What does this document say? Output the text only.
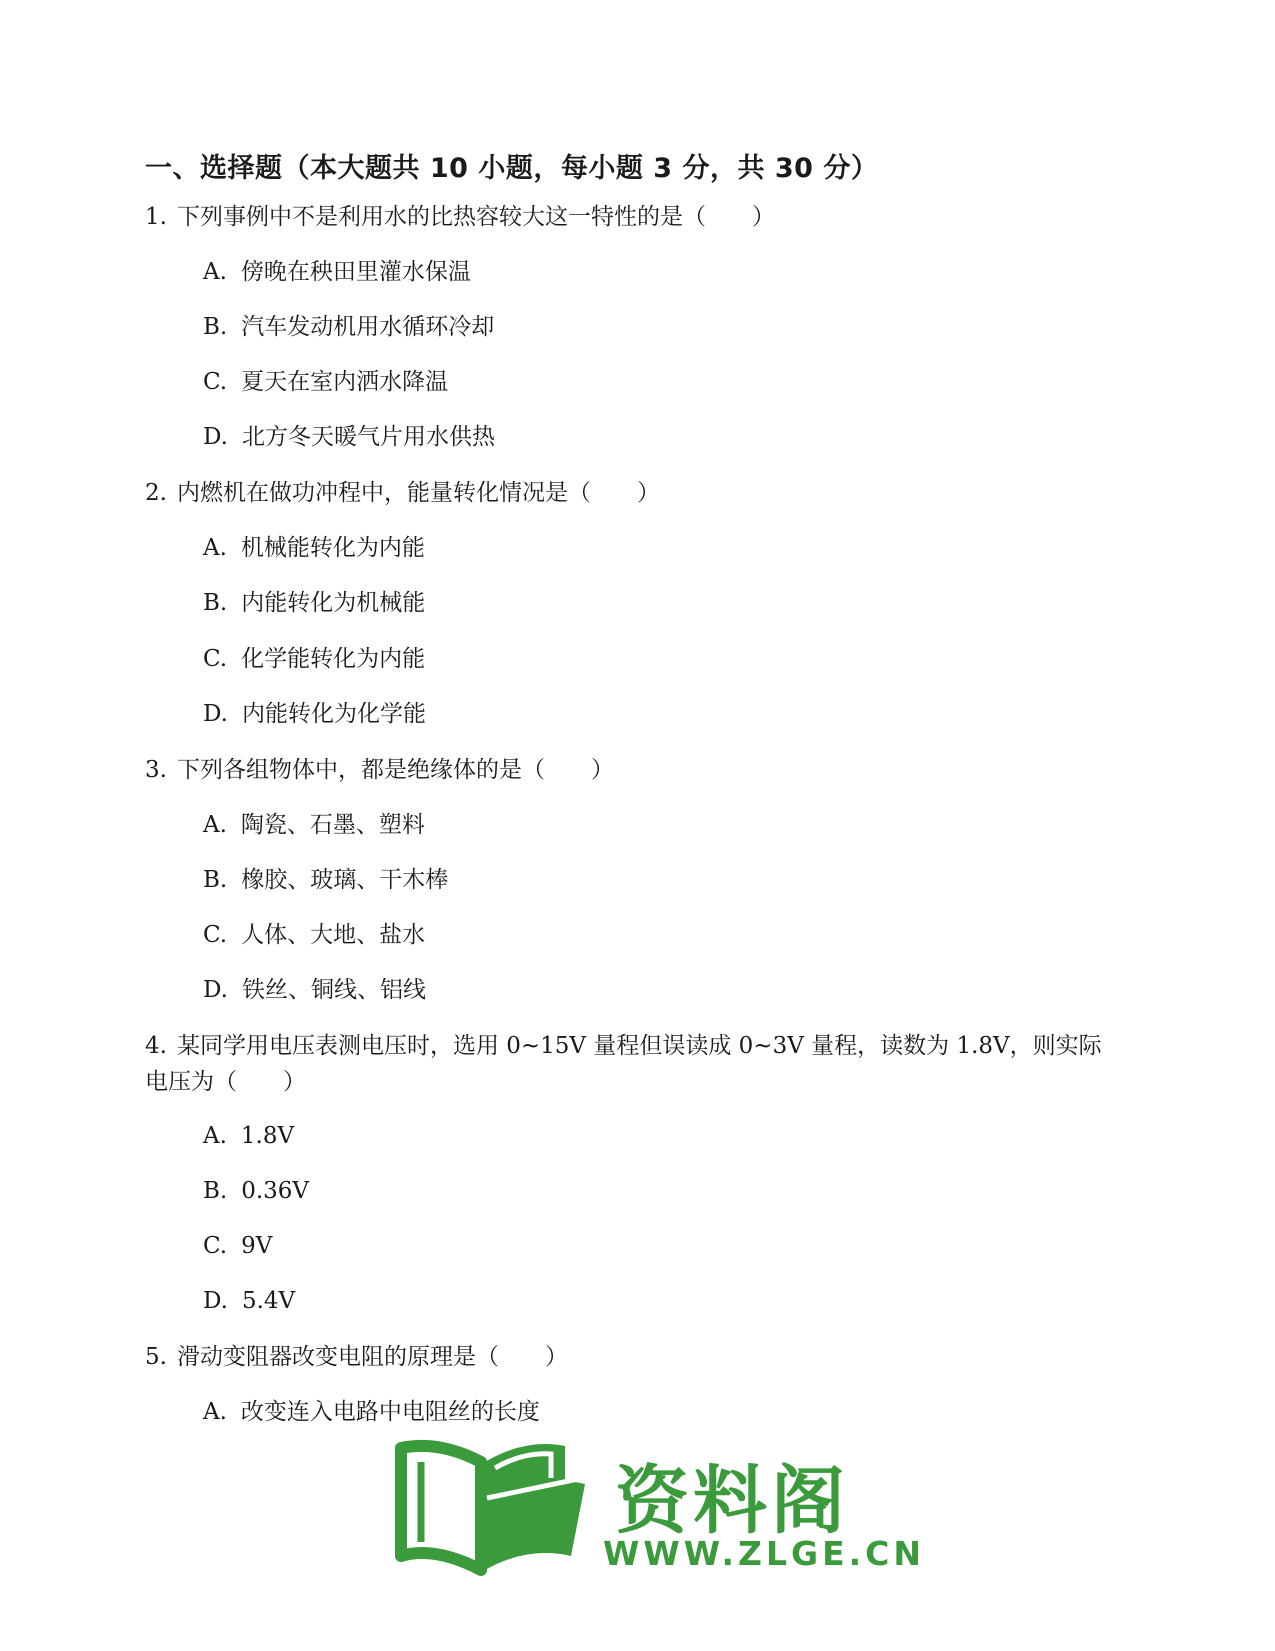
一、选择题（本大题共 10 小题，每小题 3 分，共 30 分）

1. 下列事例中不是利用水的比热容较大这一特性的是（　　）

A. 傍晚在秧田里灌水保温

B. 汽车发动机用水循环冷却

C. 夏天在室内洒水降温

D. 北方冬天暖气片用水供热

2. 内燃机在做功冲程中，能量转化情况是（　　）

A. 机械能转化为内能

B. 内能转化为机械能

C. 化学能转化为内能

D. 内能转化为化学能

3. 下列各组物体中，都是绝缘体的是（　　）

A. 陶瓷、石墨、塑料

B. 橡胶、玻璃、干木棒

C. 人体、大地、盐水

D. 铁丝、铜线、铝线

4. 某同学用电压表测电压时，选用 0~15V 量程但误读成 0~3V 量程，读数为 1.8V，则实际电压为（　　）

A. 1.8V

B. 0.36V

C. 9V

D. 5.4V

5. 滑动变阻器改变电阻的原理是（　　）

A. 改变连入电路中电阻丝的长度

资料阁

WWW.ZLGE.CN
